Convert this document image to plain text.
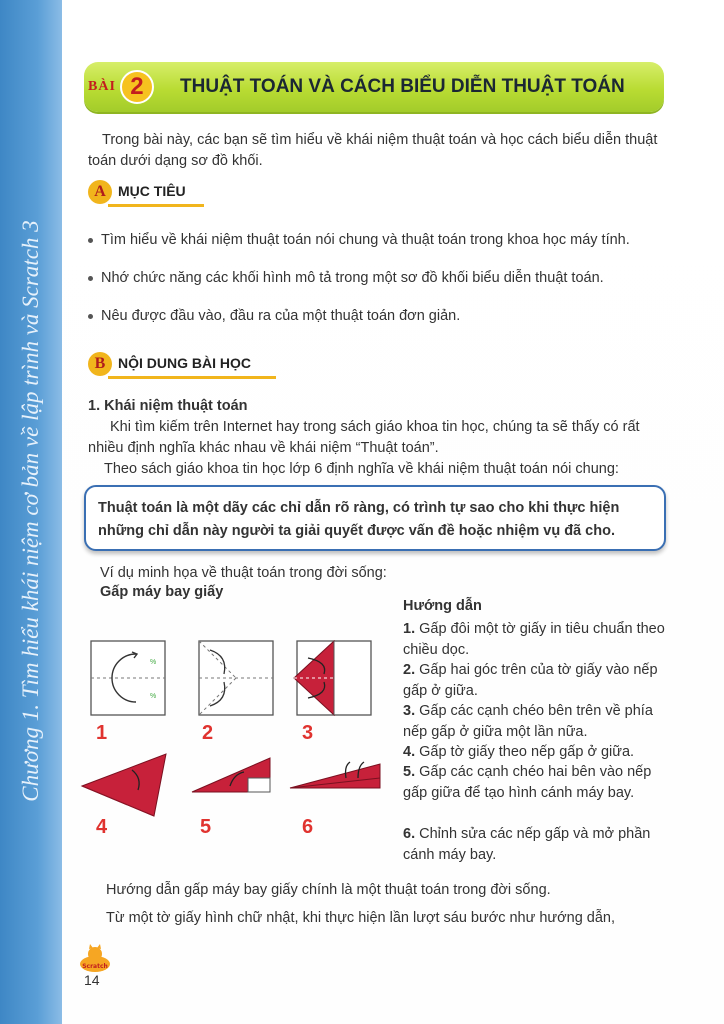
Chương 1. Tìm hiểu khái niệm cơ bản về lập trình và Scratch 3
BÀI 2	THUẬT TOÁN VÀ CÁCH BIỂU DIỄN THUẬT TOÁN
Trong bài này, các bạn sẽ tìm hiểu về khái niệm thuật toán và học cách biểu diễn thuật toán dưới dạng sơ đồ khối.
A MỤC TIÊU
Tìm hiểu về khái niệm thuật toán nói chung và thuật toán trong khoa học máy tính.
Nhớ chức năng các khối hình mô tả trong một sơ đồ khối biểu diễn thuật toán.
Nêu được đầu vào, đầu ra của một thuật toán đơn giản.
B NỘI DUNG BÀI HỌC
1. Khái niệm thuật toán
Khi tìm kiếm trên Internet hay trong sách giáo khoa tin học, chúng ta sẽ thấy có rất nhiều định nghĩa khác nhau về khái niệm “Thuật toán”.
Theo sách giáo khoa tin học lớp 6 định nghĩa về khái niệm thuật toán nói chung:
Thuật toán là một dãy các chỉ dẫn rõ ràng, có trình tự sao cho khi thực hiện những chỉ dẫn này người ta giải quyết được vấn đề hoặc nhiệm vụ đã cho.
Ví dụ minh họa về thuật toán trong đời sống:
Gấp máy bay giấy
%
%
1	2	3
4	5	6
Hướng dẫn
1. Gấp đôi một tờ giấy in tiêu chuẩn theo chiều dọc.
2. Gấp hai góc trên của tờ giấy vào nếp gấp ở giữa.
3. Gấp các cạnh chéo bên trên về phía nếp gấp ở giữa một lần nữa.
4. Gấp tờ giấy theo nếp gấp ở giữa.
5. Gấp các cạnh chéo hai bên vào nếp gấp giữa để tạo hình cánh máy bay.
6. Chỉnh sửa các nếp gấp và mở phần cánh máy bay.
Hướng dẫn gấp máy bay giấy chính là một thuật toán trong đời sống.
Từ một tờ giấy hình chữ nhật, khi thực hiện lần lượt sáu bước như hướng dẫn,
Scratch
14
